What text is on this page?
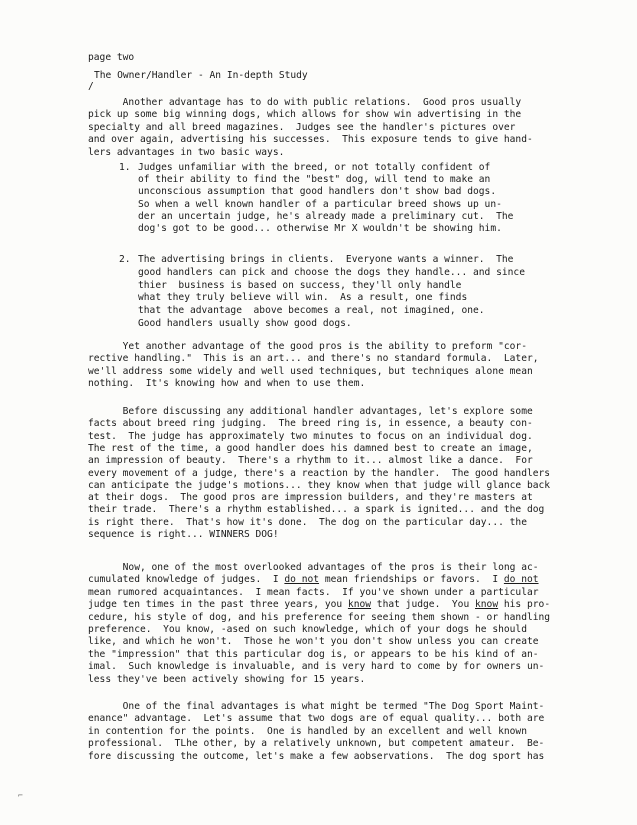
page two
The Owner/Handler - An In-depth Study
/
Another advantage has to do with public relations.  Good pros usually
pick up some big winning dogs, which allows for show win advertising in the
specialty and all breed magazines.  Judges see the handler's pictures over
and over again, advertising his successes.  This exposure tends to give hand-
lers advantages in two basic ways.
1. Judges unfamiliar with the breed, or not totally confident of
of their ability to find the "best" dog, will tend to make an
unconscious assumption that good handlers don't show bad dogs.
So when a well known handler of a particular breed shows up un-
der an uncertain judge, he's already made a preliminary cut.  The
dog's got to be good... otherwise Mr X wouldn't be showing him.
2. The advertising brings in clients.  Everyone wants a winner.  The
good handlers can pick and choose the dogs they handle... and since
thier  business is based on success, they'll only handle
what they truly believe will win.  As a result, one finds
that the advantage  above becomes a real, not imagined, one.
Good handlers usually show good dogs.
Yet another advantage of the good pros is the ability to preform "cor-
rective handling."  This is an art... and there's no standard formula.  Later,
we'll address some widely and well used techniques, but techniques alone mean
nothing.  It's knowing how and when to use them.
Before discussing any additional handler advantages, let's explore some
facts about breed ring judging.  The breed ring is, in essence, a beauty con-
test.  The judge has approximately two minutes to focus on an individual dog.
The rest of the time, a good handler does his damned best to create an image,
an impression of beauty.  There's a rhythm to it... almost like a dance.  For
every movement of a judge, there's a reaction by the handler.  The good handlers
can anticipate the judge's motions... they know when that judge will glance back
at their dogs.  The good pros are impression builders, and they're masters at
their trade.  There's a rhythm established... a spark is ignited... and the dog
is right there.  That's how it's done.  The dog on the particular day... the
sequence is right... WINNERS DOG!
Now, one of the most overlooked advantages of the pros is their long ac-
cumulated knowledge of judges.  I do not mean friendships or favors.  I do not
mean rumored acquaintances.  I mean facts.  If you've shown under a particular
judge ten times in the past three years, you know that judge.  You know his pro-
cedure, his style of dog, and his preference for seeing them shown - or handling
preference.  You know, -ased on such knowledge, which of your dogs he should
like, and which he won't.  Those he won't you don't show unless you can create
the "impression" that this particular dog is, or appears to be his kind of an-
imal.  Such knowledge is invaluable, and is very hard to come by for owners un-
less they've been actively showing for 15 years.
One of the final advantages is what might be termed "The Dog Sport Maint-
enance" advantage.  Let's assume that two dogs are of equal quality... both are
in contention for the points.  One is handled by an excellent and well known
professional.  TLhe other, by a relatively unknown, but competent amateur.  Be-
fore discussing the outcome, let's make a few aobservations.  The dog sport has
⌐
